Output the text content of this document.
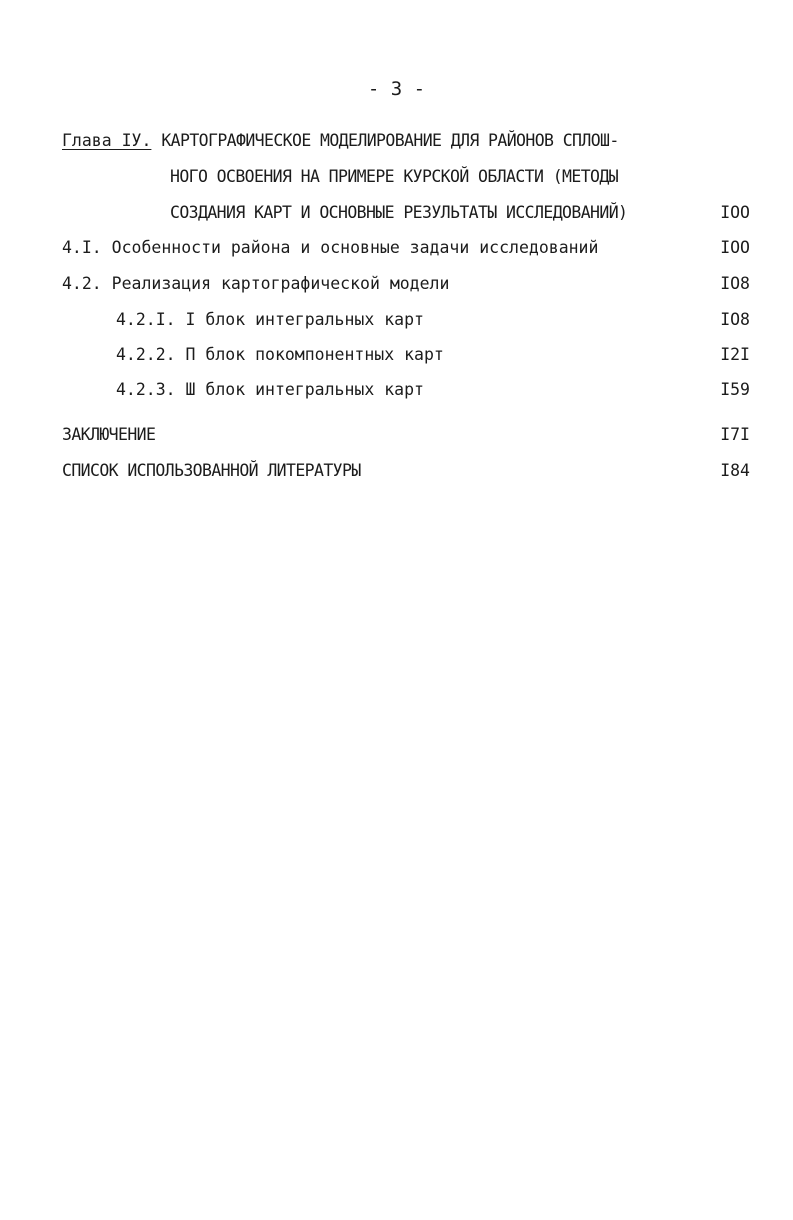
- 3 -
Глава IУ. КАРТОГРАФИЧЕСКОЕ МОДЕЛИРОВАНИЕ ДЛЯ РАЙОНОВ СПЛОШ-
НОГО ОСВОЕНИЯ НА ПРИМЕРЕ КУРСКОЙ ОБЛАСТИ (МЕТОДЫ
СОЗДАНИЯ КАРТ И ОСНОВНЫЕ РЕЗУЛЬТАТЫ ИССЛЕДОВАНИЙ)	IOO
4.I. Особенности района и основные задачи исследований	IOO
4.2. Реализация картографической модели	IO8
4.2.I. I блок интегральных карт	IO8
4.2.2. П блок покомпонентных карт	I2I
4.2.3. Ш блок интегральных карт	I59
ЗАКЛЮЧЕНИЕ	I7I
СПИСОК ИСПОЛЬЗОВАННОЙ ЛИТЕРАТУРЫ	I84
